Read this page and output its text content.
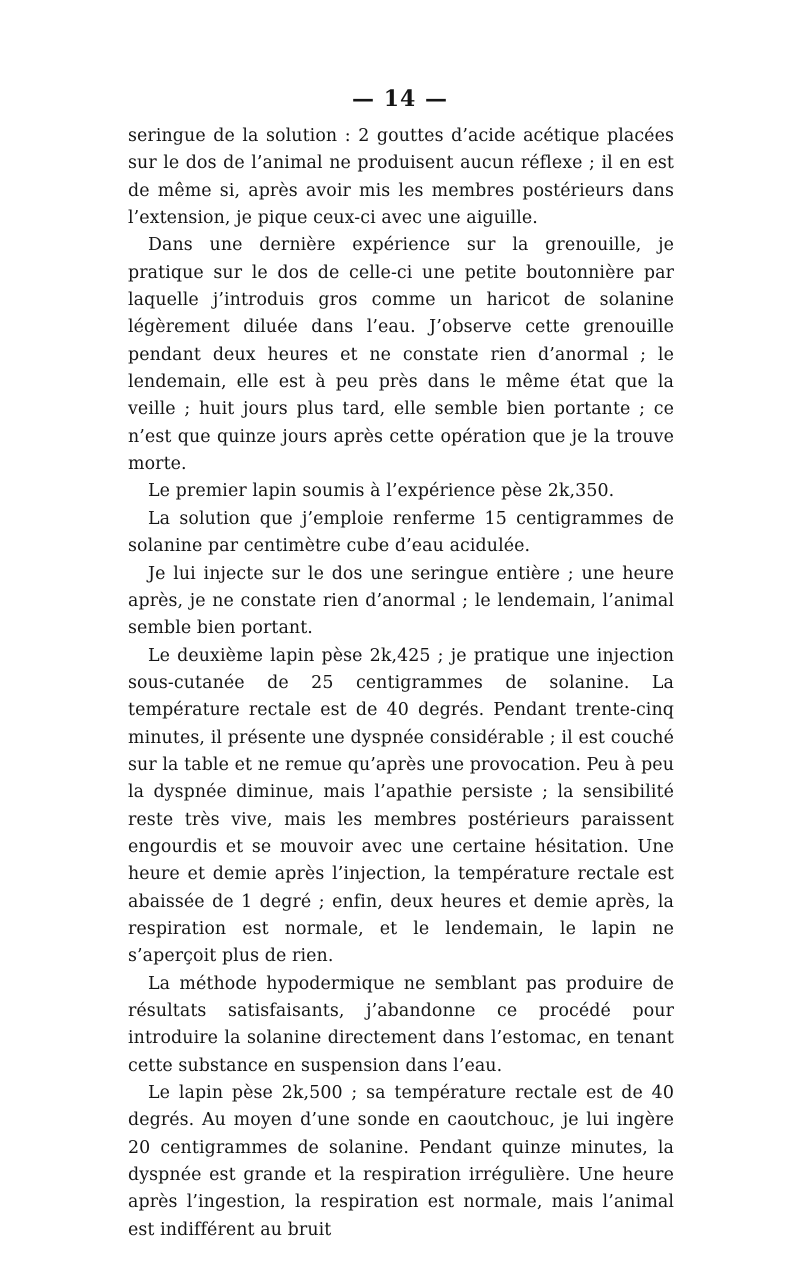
— 14 —

seringue de la solution : 2 gouttes d’acide acétique placées sur le dos de l’animal ne produisent aucun réflexe ; il en est de même si, après avoir mis les membres postérieurs dans l’extension, je pique ceux-ci avec une aiguille.

Dans une dernière expérience sur la grenouille, je pratique sur le dos de celle-ci une petite boutonnière par laquelle j’introduis gros comme un haricot de solanine légèrement diluée dans l’eau. J’observe cette grenouille pendant deux heures et ne constate rien d’anormal ; le lendemain, elle est à peu près dans le même état que la veille ; huit jours plus tard, elle semble bien portante ; ce n’est que quinze jours après cette opération que je la trouve morte.

Le premier lapin soumis à l’expérience pèse 2k,350.

La solution que j’emploie renferme 15 centigrammes de solanine par centimètre cube d’eau acidulée.

Je lui injecte sur le dos une seringue entière ; une heure après, je ne constate rien d’anormal ; le lendemain, l’animal semble bien portant.

Le deuxième lapin pèse 2k,425 ; je pratique une injection sous-cutanée de 25 centigrammes de solanine. La température rectale est de 40 degrés. Pendant trente-cinq minutes, il présente une dyspnée considérable ; il est couché sur la table et ne remue qu’après une provocation. Peu à peu la dyspnée diminue, mais l’apathie persiste ; la sensibilité reste très vive, mais les membres postérieurs paraissent engourdis et se mouvoir avec une certaine hésitation. Une heure et demie après l’injection, la température rectale est abaissée de 1 degré ; enfin, deux heures et demie après, la respiration est normale, et le lendemain, le lapin ne s’aperçoit plus de rien.

La méthode hypodermique ne semblant pas produire de résultats satisfaisants, j’abandonne ce procédé pour introduire la solanine directement dans l’estomac, en tenant cette substance en suspension dans l’eau.

Le lapin pèse 2k,500 ; sa température rectale est de 40 degrés. Au moyen d’une sonde en caoutchouc, je lui ingère 20 centigrammes de solanine. Pendant quinze minutes, la dyspnée est grande et la respiration irrégulière. Une heure après l’ingestion, la respiration est normale, mais l’animal est indifférent au bruit
